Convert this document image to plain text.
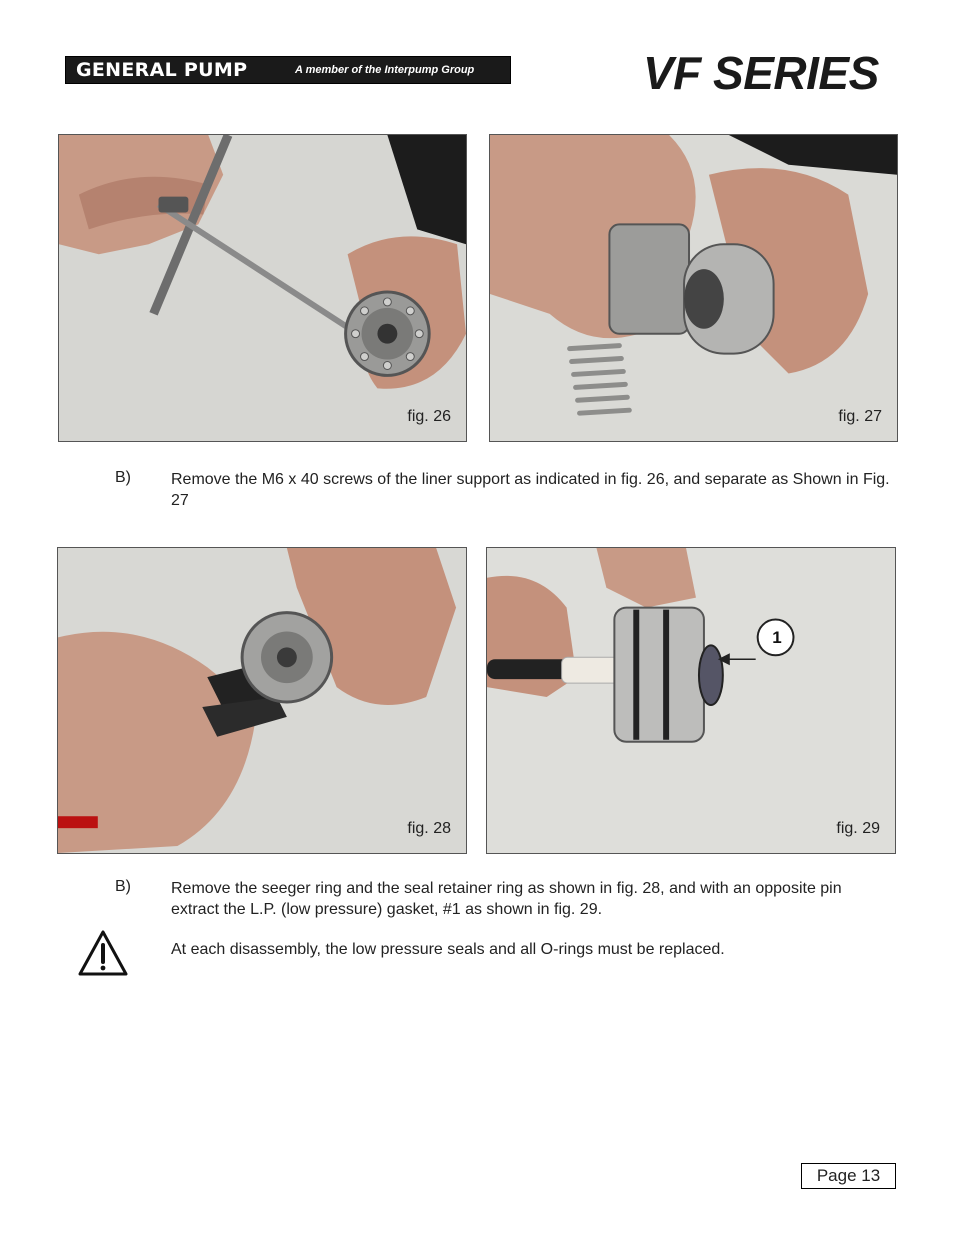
GENERAL PUMP	A member of the Interpump Group	VF SERIES
fig. 26	fig. 27
B)	Remove the M6 x 40 screws of the liner support as indicated in fig. 26, and separate as Shown in Fig. 27
fig. 28
1
fig. 29
B)	Remove the seeger ring and the seal retainer ring as shown in fig. 28, and with an opposite pin extract the L.P. (low pressure) gasket, #1 as shown in fig. 29.
At each disassembly, the low pressure seals and all O-rings must be replaced.
Page 13
